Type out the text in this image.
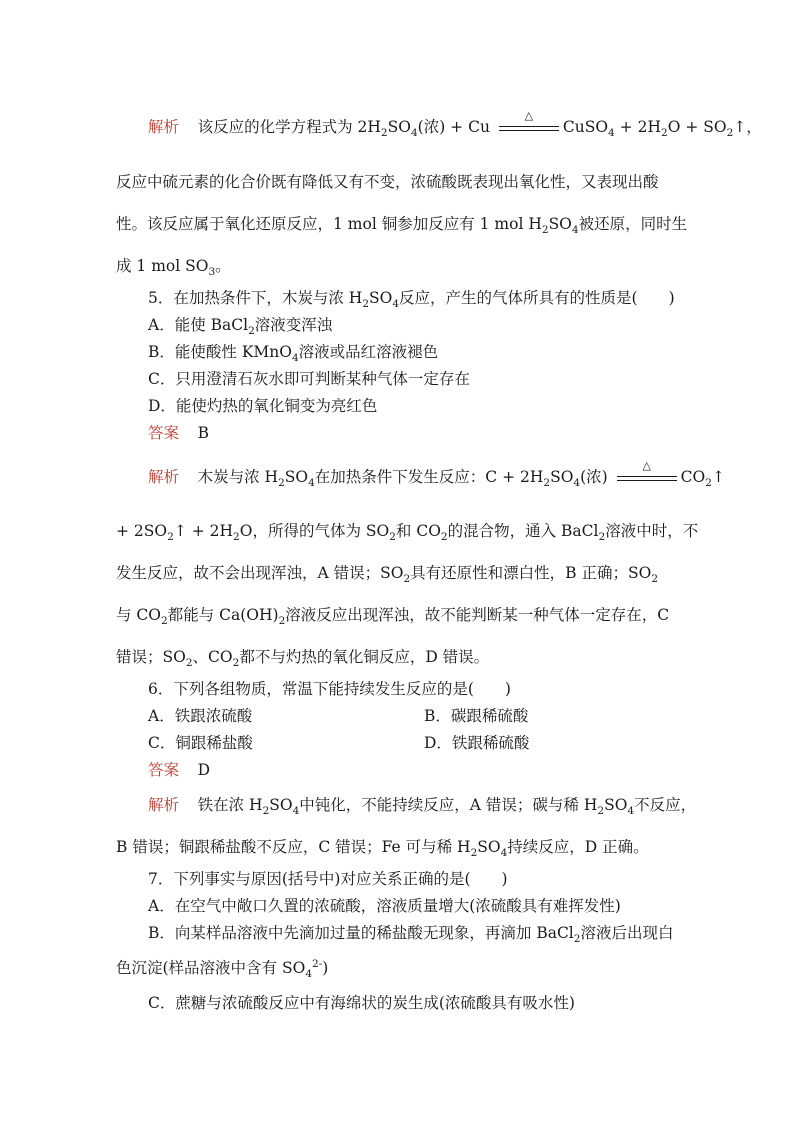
解析 该反应的化学方程式为 $2H_2SO_4$(浓) + Cu
△
CuSO$_4$ + $2H_2O$ + $SO_2↑$，
反应中硫元素的化合价既有降低又有不变，浓硫酸既表现出氧化性，又表现出酸
性。该反应属于氧化还原反应，1 mol 铜参加反应有 1 mol $H_2SO_4$被还原，同时生
成 1 mol $SO_3$。
5．在加热条件下，木炭与浓 $H_2SO_4$反应，产生的气体所具有的性质是(　　)
A．能使 BaCl$_2$溶液变浑浊
B．能使酸性 KMnO$_4$溶液或品红溶液褪色
C．只用澄清石灰水即可判断某种气体一定存在
D．能使灼热的氧化铜变为亮红色
答案 B
解析 木炭与浓 $H_2SO_4$在加热条件下发生反应：$C + 2H_2SO_4$(浓)
△
$CO_2↑$
+ $2SO_2↑ + 2H_2O$，所得的气体为 $SO_2$和 $CO_2$的混合物，通入 BaCl$_2$溶液中时，不
发生反应，故不会出现浑浊，A 错误；$SO_2$具有还原性和漂白性，B 正确；$SO_2$
与 $CO_2$都能与 $Ca(OH)_2$溶液反应出现浑浊，故不能判断某一种气体一定存在，C
错误；$SO_2$、$CO_2$都不与灼热的氧化铜反应，D 错误。
6．下列各组物质，常温下能持续发生反应的是(　　)
A．铁跟浓硫酸	B．碳跟稀硫酸
C．铜跟稀盐酸	D．铁跟稀硫酸
答案 D
解析 铁在浓 $H_2SO_4$中钝化，不能持续反应，A 错误；碳与稀 $H_2SO_4$不反应，
B 错误；铜跟稀盐酸不反应，C 错误；Fe 可与稀 $H_2SO_4$持续反应，D 正确。
7．下列事实与原因(括号中)对应关系正确的是(　　)
A．在空气中敞口久置的浓硫酸，溶液质量增大(浓硫酸具有难挥发性)
B．向某样品溶液中先滴加过量的稀盐酸无现象，再滴加 BaCl$_2$溶液后出现白
色沉淀(样品溶液中含有 $SO_4^{2-}$)
C．蔗糖与浓硫酸反应中有海绵状的炭生成(浓硫酸具有吸水性)
